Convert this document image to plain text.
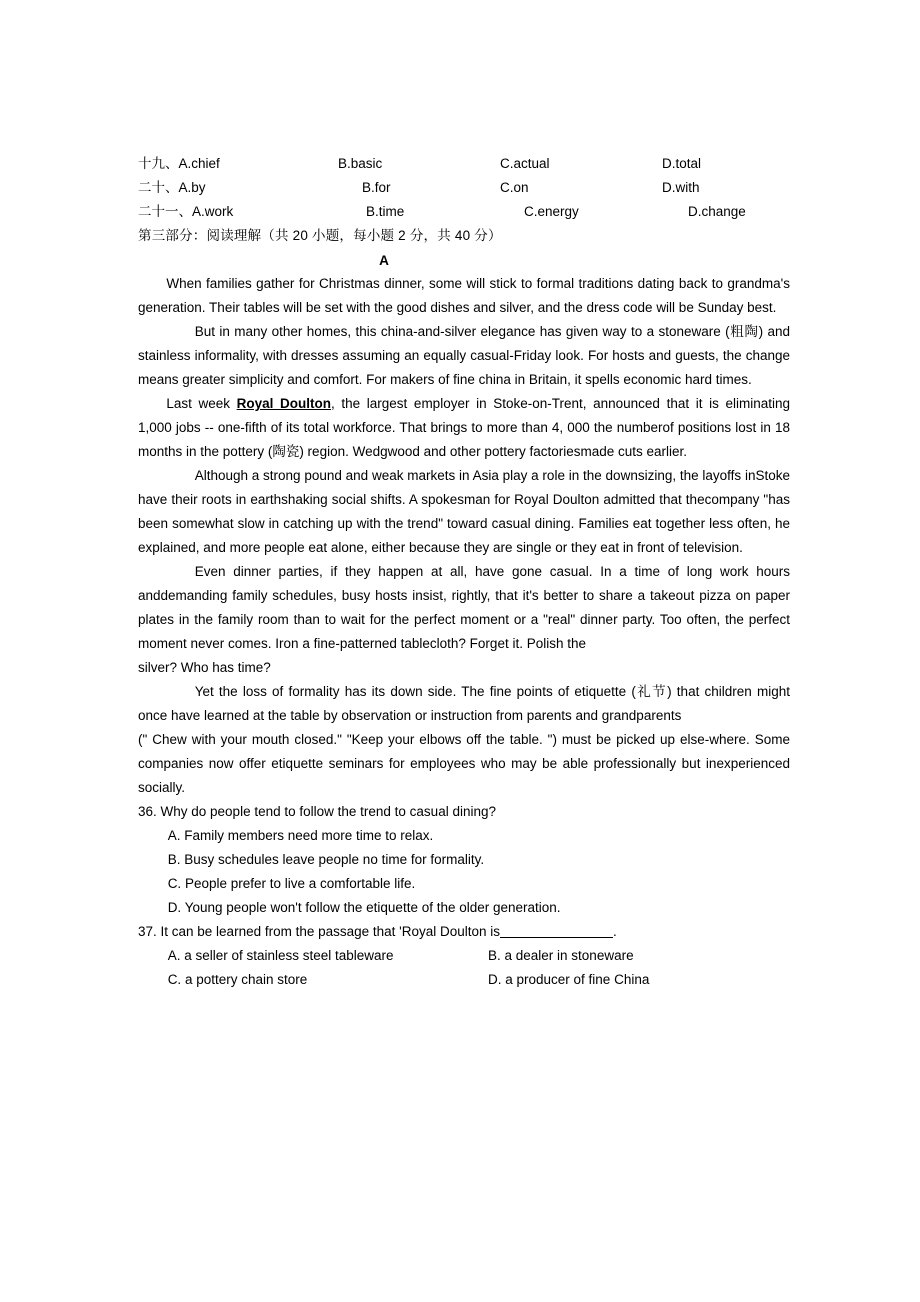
十九、A.chief	B.basic	C.actual	D.total
二十、A.by	B.for	C.on	D.with
二十一、A.work	B.time	C.energy	D.change
第三部分：阅读理解（共 20 小题，每小题 2 分，共 40 分）
A

When families gather for Christmas dinner, some will stick to formal traditions dating back to grandma's generation. Their tables will be set with the good dishes and silver, and the dress code will be Sunday best.

But in many other homes, this china-and-silver elegance has given way to a stoneware (粗陶) and stainless informality, with dresses assuming an equally casual-Friday look. For hosts and guests, the change means greater simplicity and comfort. For makers of fine china in Britain, it spells economic hard times.

Last week Royal Doulton, the largest employer in Stoke-on-Trent, announced that it is eliminating 1,000 jobs -- one-fifth of its total workforce. That brings to more than 4, 000 the numberof positions lost in 18 months in the pottery (陶瓷) region. Wedgwood and other pottery factoriesmade cuts earlier.

Although a strong pound and weak markets in Asia play a role in the downsizing, the layoffs inStoke have their roots in earthshaking social shifts. A spokesman for Royal Doulton admitted that thecompany "has been somewhat slow in catching up with the trend" toward casual dining. Families eat together less often, he explained, and more people eat alone, either because they are single or they eat in front of television.

Even dinner parties, if they happen at all, have gone casual. In a time of long work hours anddemanding family schedules, busy hosts insist, rightly, that it's better to share a takeout pizza on paper plates in the family room than to wait for the perfect moment or a "real" dinner party. Too often, the perfect moment never comes. Iron a fine-patterned tablecloth? Forget it. Polish the

silver? Who has time?

Yet the loss of formality has its down side. The fine points of etiquette (礼节) that children might once have learned at the table by observation or instruction from parents and grandparents

(" Chew with your mouth closed." "Keep your elbows off the table. ") must be picked up else-where. Some companies now offer etiquette seminars for employees who may be able professionally but inexperienced socially.

36. Why do people tend to follow the trend to casual dining?

A. Family members need more time to relax.

B. Busy schedules leave people no time for formality.

C. People prefer to live a comfortable life.

D. Young people won't follow the etiquette of the older generation.

37. It can be learned from the passage that 'Royal Doulton is	.

A. a seller of stainless steel tableware	B. a dealer in stoneware
C. a pottery chain store	D. a producer of fine China
